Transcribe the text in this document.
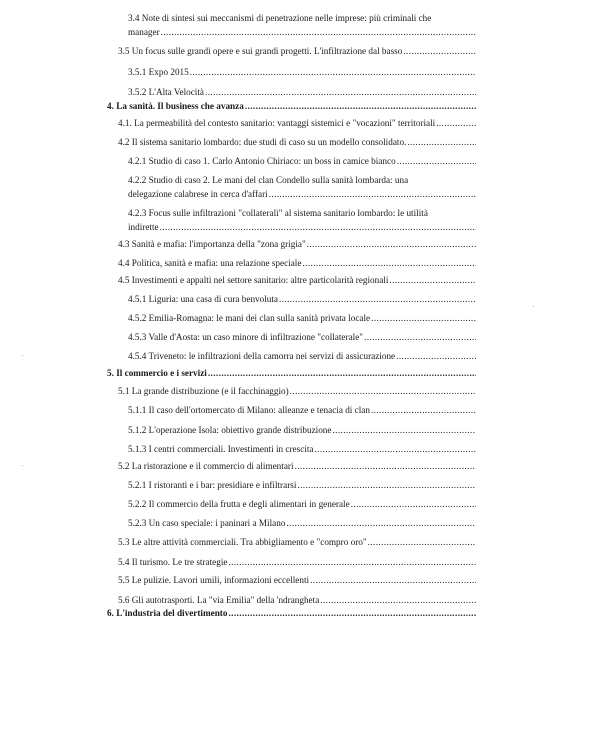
3.4 Note di sintesi sui meccanismi di penetrazione nelle imprese: più criminali che
manager
.....
3.5 Un focus sulle grandi opere e sui grandi progetti. L'infiltrazione dal basso
.....
3.5.1 Expo 2015
.....
3.5.2 L'Alta Velocità
.....
4. La sanità. Il business che avanza
.....
4.1. La permeabilità del contesto sanitario: vantaggi sistemici e "vocazioni" territoriali
.....
4.2 Il sistema sanitario lombardo: due studi di caso su un modello consolidato.
.....
4.2.1 Studio di caso 1. Carlo Antonio Chiriaco: un boss in camice bianco
.....
4.2.2 Studio di caso 2. Le mani del clan Condello sulla sanità lombarda: una
delegazione calabrese in cerca d'affari
.....
4.2.3 Focus sulle infiltrazioni "collaterali" al sistema sanitario lombardo: le utilità
indirette
.....
4.3 Sanità e mafia: l'importanza della "zona grigia"
.....
4.4 Politica, sanità e mafia: una relazione speciale
.....
4.5 Investimenti e appalti nel settore sanitario: altre particolarità regionali
.....
4.5.1 Liguria: una casa di cura benvoluta
.....
4.5.2 Emilia-Romagna: le mani dei clan sulla sanità privata locale
.....
4.5.3 Valle d'Aosta: un caso minore di infiltrazione "collaterale"
.....
4.5.4 Triveneto: le infiltrazioni della camorra nei servizi di assicurazione
.....
5. Il commercio e i servizi
.....
5.1 La grande distribuzione (e il facchinaggio)
.....
5.1.1 Il caso dell'ortomercato di Milano: alleanze e tenacia di clan
.....
5.1.2 L'operazione Isola: obiettivo grande distribuzione
.....
5.1.3 I centri commerciali. Investimenti in crescita
.....
5.2 La ristorazione e il commercio di alimentari
.....
5.2.1 I ristoranti e i bar: presidiare e infiltrarsi
.....
5.2.2 Il commercio della frutta e degli alimentari in generale
.....
5.2.3 Un caso speciale: i paninari a Milano
.....
5.3 Le altre attività commerciali. Tra abbigliamento e "compro oro"
.....
5.4 Il turismo. Le tre strategie
.....
5.5 Le pulizie. Lavori umili, informazioni eccellenti
.....
5.6 Gli autotrasporti. La "via Emilia" della 'ndrangheta
.....
6. L'industria del divertimento
.....
